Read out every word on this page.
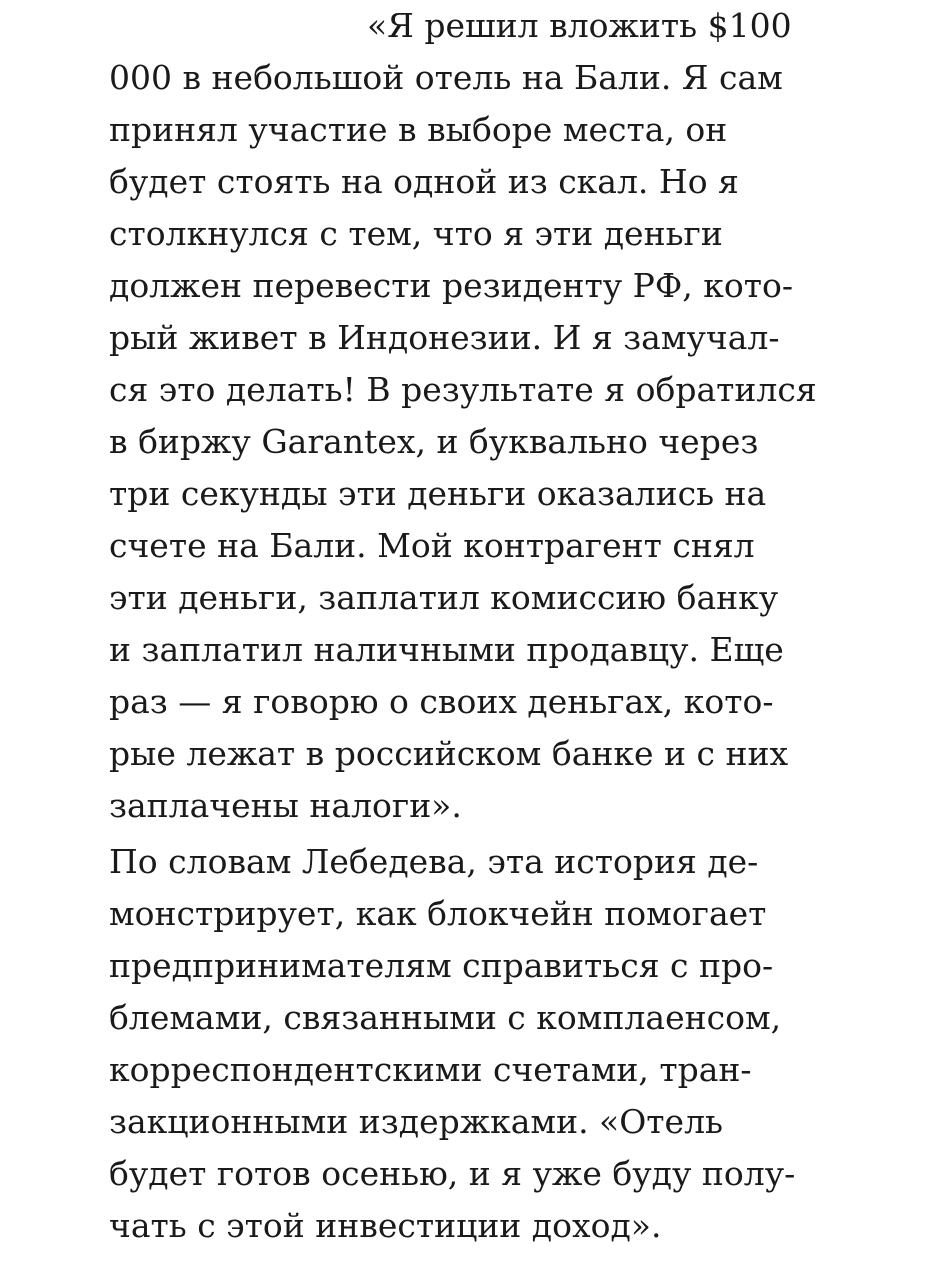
«Я решил вложить $100
000 в небольшой отель на Бали. Я сам
принял участие в выборе места, он
будет стоять на одной из скал. Но я
столкнулся с тем, что я эти деньги
должен перевести резиденту РФ, кото-
рый живет в Индонезии. И я замучал-
ся это делать! В результате я обратился
в биржу Garantex, и буквально через
три секунды эти деньги оказались на
счете на Бали. Мой контрагент снял
эти деньги, заплатил комиссию банку
и заплатил наличными продавцу. Еще
раз — я говорю о своих деньгах, кото-
рые лежат в российском банке и с них
заплачены налоги».

По словам Лебедева, эта история де-
монстрирует, как блокчейн помогает
предпринимателям справиться с про-
блемами, связанными с комплаенсом,
корреспондентскими счетами, тран-
закционными издержками. «Отель
будет готов осенью, и я уже буду полу-
чать с этой инвестиции доход».
